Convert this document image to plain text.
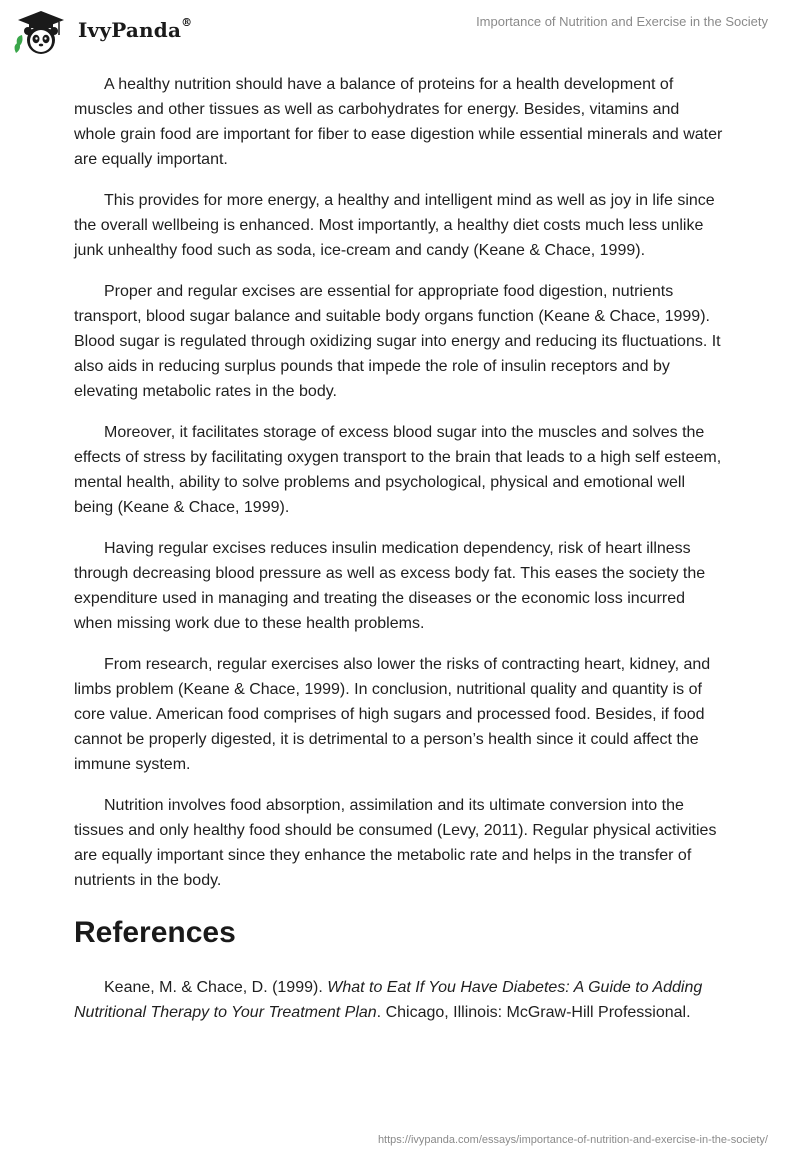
IvyPanda®	Importance of Nutrition and Exercise in the Society

A healthy nutrition should have a balance of proteins for a health development of muscles and other tissues as well as carbohydrates for energy. Besides, vitamins and whole grain food are important for fiber to ease digestion while essential minerals and water are equally important.

This provides for more energy, a healthy and intelligent mind as well as joy in life since the overall wellbeing is enhanced. Most importantly, a healthy diet costs much less unlike junk unhealthy food such as soda, ice-cream and candy (Keane & Chace, 1999).

Proper and regular excises are essential for appropriate food digestion, nutrients transport, blood sugar balance and suitable body organs function (Keane & Chace, 1999). Blood sugar is regulated through oxidizing sugar into energy and reducing its fluctuations. It also aids in reducing surplus pounds that impede the role of insulin receptors and by elevating metabolic rates in the body.

Moreover, it facilitates storage of excess blood sugar into the muscles and solves the effects of stress by facilitating oxygen transport to the brain that leads to a high self esteem, mental health, ability to solve problems and psychological, physical and emotional well being (Keane & Chace, 1999).

Having regular excises reduces insulin medication dependency, risk of heart illness through decreasing blood pressure as well as excess body fat. This eases the society the expenditure used in managing and treating the diseases or the economic loss incurred when missing work due to these health problems.

From research, regular exercises also lower the risks of contracting heart, kidney, and limbs problem (Keane & Chace, 1999). In conclusion, nutritional quality and quantity is of core value. American food comprises of high sugars and processed food. Besides, if food cannot be properly digested, it is detrimental to a person’s health since it could affect the immune system.

Nutrition involves food absorption, assimilation and its ultimate conversion into the tissues and only healthy food should be consumed (Levy, 2011). Regular physical activities are equally important since they enhance the metabolic rate and helps in the transfer of nutrients in the body.

References

Keane, M. & Chace, D. (1999). What to Eat If You Have Diabetes: A Guide to Adding Nutritional Therapy to Your Treatment Plan. Chicago, Illinois: McGraw-Hill Professional.

https://ivypanda.com/essays/importance-of-nutrition-and-exercise-in-the-society/
